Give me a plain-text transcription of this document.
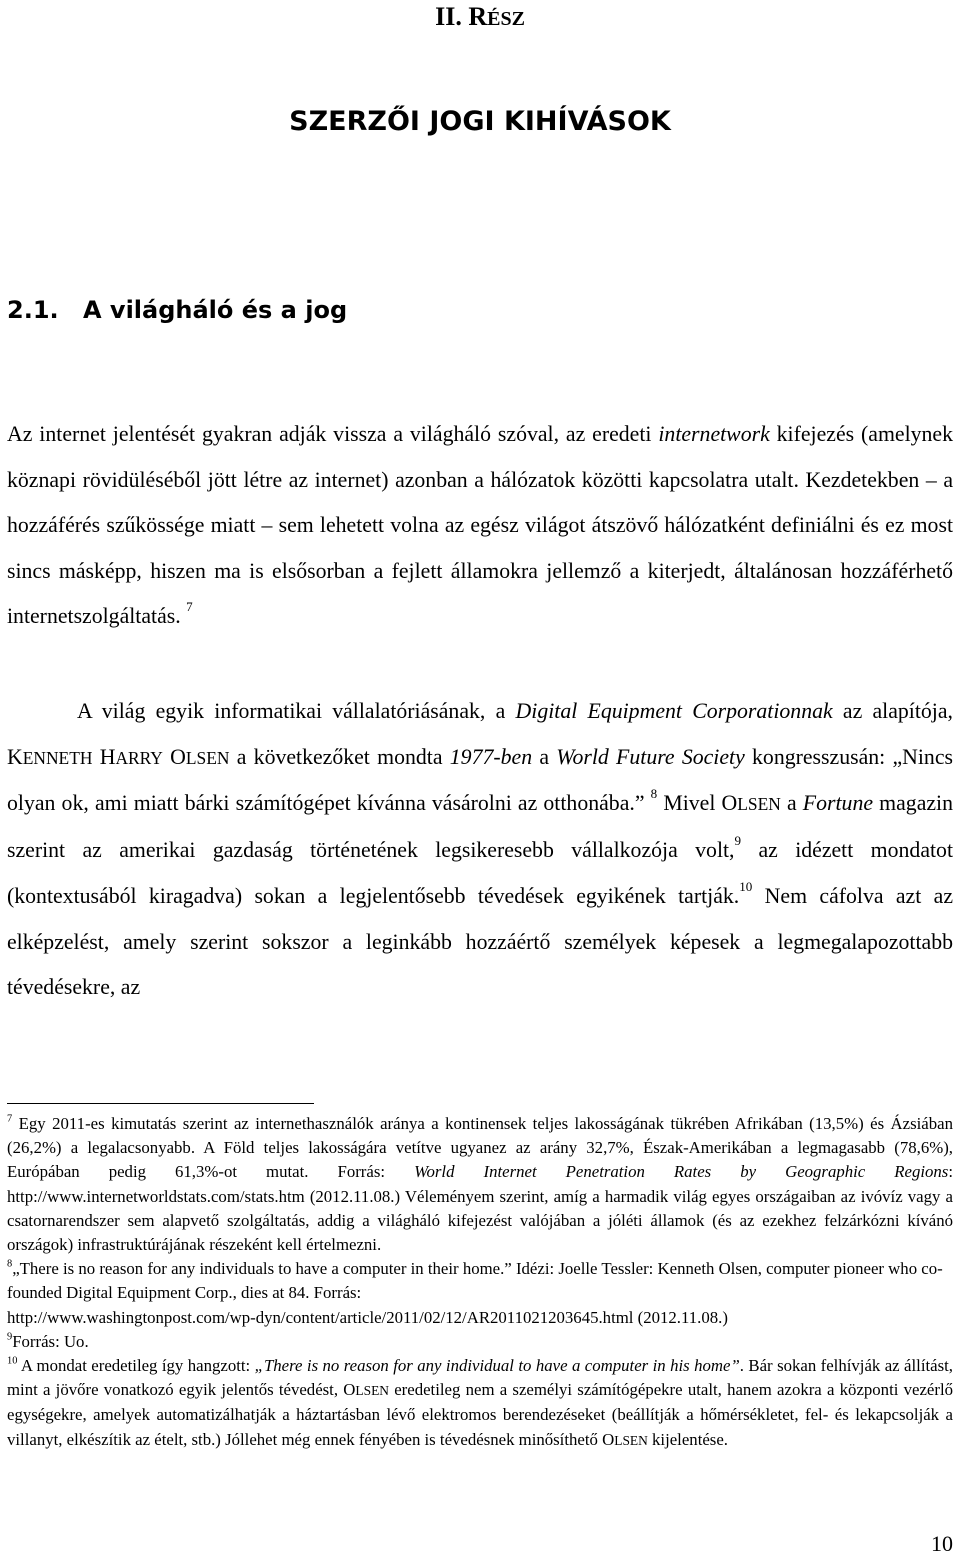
II. RÉSZ
SZERZŐI JOGI KIHÍVÁSOK
2.1. A világháló és a jog

Az internet jelentését gyakran adják vissza a világháló szóval, az eredeti internetwork kifejezés (amelynek köznapi rövidüléséből jött létre az internet) azonban a hálózatok közötti kapcsolatra utalt. Kezdetekben – a hozzáférés szűkössége miatt – sem lehetett volna az egész világot átszövő hálózatként definiálni és ez most sincs másképp, hiszen ma is elsősorban a fejlett államokra jellemző a kiterjedt, általánosan hozzáférhető internetszolgáltatás. $^7$

A világ egyik informatikai vállalatóriásának, a Digital Equipment Corporationnak az alapítója, KENNETH HARRY OLSEN a következőket mondta 1977-ben a World Future Society kongresszusán: „Nincs olyan ok, ami miatt bárki számítógépet kívánna vásárolni az otthonába.” $^8$ Mivel OLSEN a Fortune magazin szerint az amerikai gazdaság történetének legsikeresebb vállalkozója volt,$^9$ az idézett mondatot (kontextusából kiragadva) sokan a legjelentősebb tévedések egyikének tartják.$^{10}$ Nem cáfolva azt az elképzelést, amely szerint sokszor a leginkább hozzáértő személyek képesek a legmegalapozottabb tévedésekre, az

$^7$ Egy 2011-es kimutatás szerint az internethasználók aránya a kontinensek teljes lakosságának tükrében Afrikában (13,5%) és Ázsiában (26,2%) a legalacsonyabb. A Föld teljes lakosságára vetítve ugyanez az arány 32,7%, Észak-Amerikában a legmagasabb (78,6%), Európában pedig 61,3%-ot mutat. Forrás: World Internet Penetration Rates by Geographic Regions: http://www.internetworldstats.com/stats.htm (2012.11.08.) Véleményem szerint, amíg a harmadik világ egyes országaiban az ivóvíz vagy a csatornarendszer sem alapvető szolgáltatás, addig a világháló kifejezést valójában a jóléti államok (és az ezekhez felzárkózni kívánó országok) infrastruktúrájának részeként kell értelmezni.

$^8$„There is no reason for any individuals to have a computer in their home.” Idézi: Joelle Tessler: Kenneth Olsen, computer pioneer who co-founded Digital Equipment Corp., dies at 84. Forrás:
http://www.washingtonpost.com/wp-dyn/content/article/2011/02/12/AR2011021203645.html (2012.11.08.)

$^9$Forrás: Uo.

$^{10}$ A mondat eredetileg így hangzott: „There is no reason for any individual to have a computer in his home”. Bár sokan felhívják az állítást, mint a jövőre vonatkozó egyik jelentős tévedést, OLSEN eredetileg nem a személyi számítógépekre utalt, hanem azokra a központi vezérlő egységekre, amelyek automatizálhatják a háztartásban lévő elektromos berendezéseket (beállítják a hőmérsékletet, fel- és lekapcsolják a villanyt, elkészítik az ételt, stb.) Jóllehet még ennek fényében is tévedésnek minősíthető OLSEN kijelentése.

10
